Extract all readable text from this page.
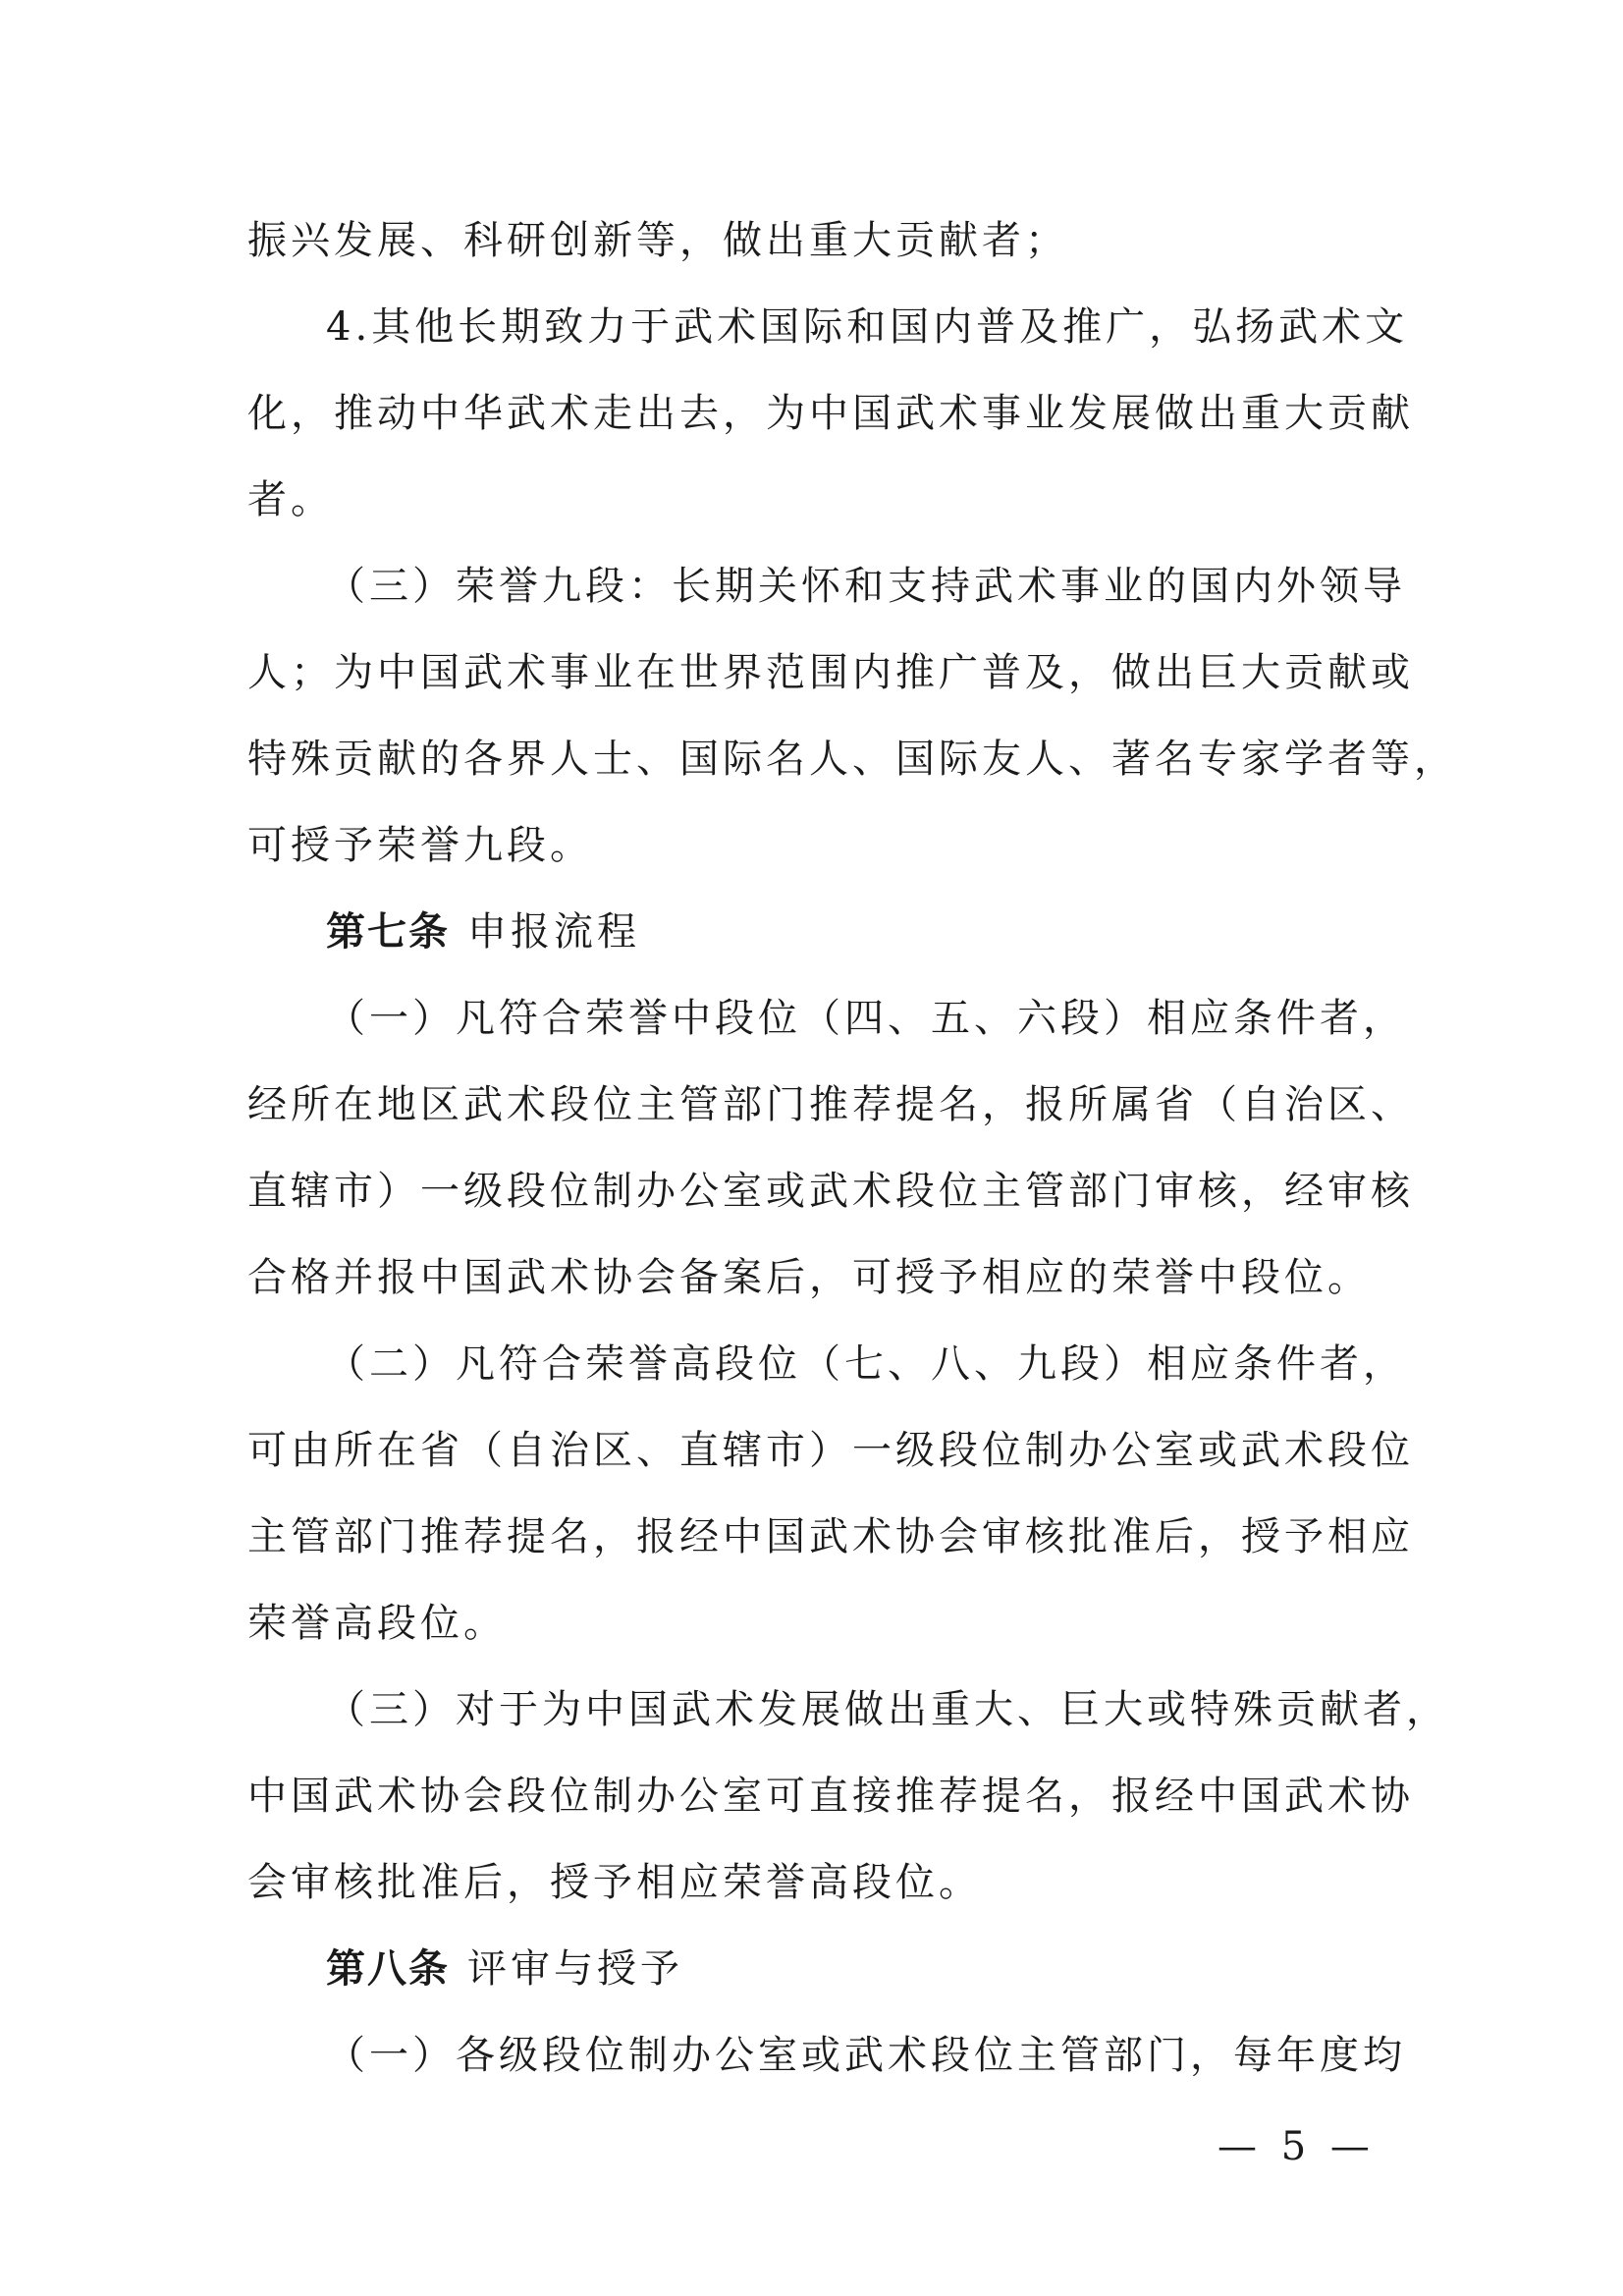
振兴发展、科研创新等，做出重大贡献者；
4.其他长期致力于武术国际和国内普及推广，弘扬武术文
化，推动中华武术走出去，为中国武术事业发展做出重大贡献
者。
（三）荣誉九段：长期关怀和支持武术事业的国内外领导
人；为中国武术事业在世界范围内推广普及，做出巨大贡献或
特殊贡献的各界人士、国际名人、国际友人、著名专家学者等，
可授予荣誉九段。
第七条 申报流程
（一）凡符合荣誉中段位（四、五、六段）相应条件者，
经所在地区武术段位主管部门推荐提名，报所属省（自治区、
直辖市）一级段位制办公室或武术段位主管部门审核，经审核
合格并报中国武术协会备案后，可授予相应的荣誉中段位。
（二）凡符合荣誉高段位（七、八、九段）相应条件者，
可由所在省（自治区、直辖市）一级段位制办公室或武术段位
主管部门推荐提名，报经中国武术协会审核批准后，授予相应
荣誉高段位。
（三）对于为中国武术发展做出重大、巨大或特殊贡献者，
中国武术协会段位制办公室可直接推荐提名，报经中国武术协
会审核批准后，授予相应荣誉高段位。
第八条 评审与授予
（一）各级段位制办公室或武术段位主管部门，每年度均
— 5 —
